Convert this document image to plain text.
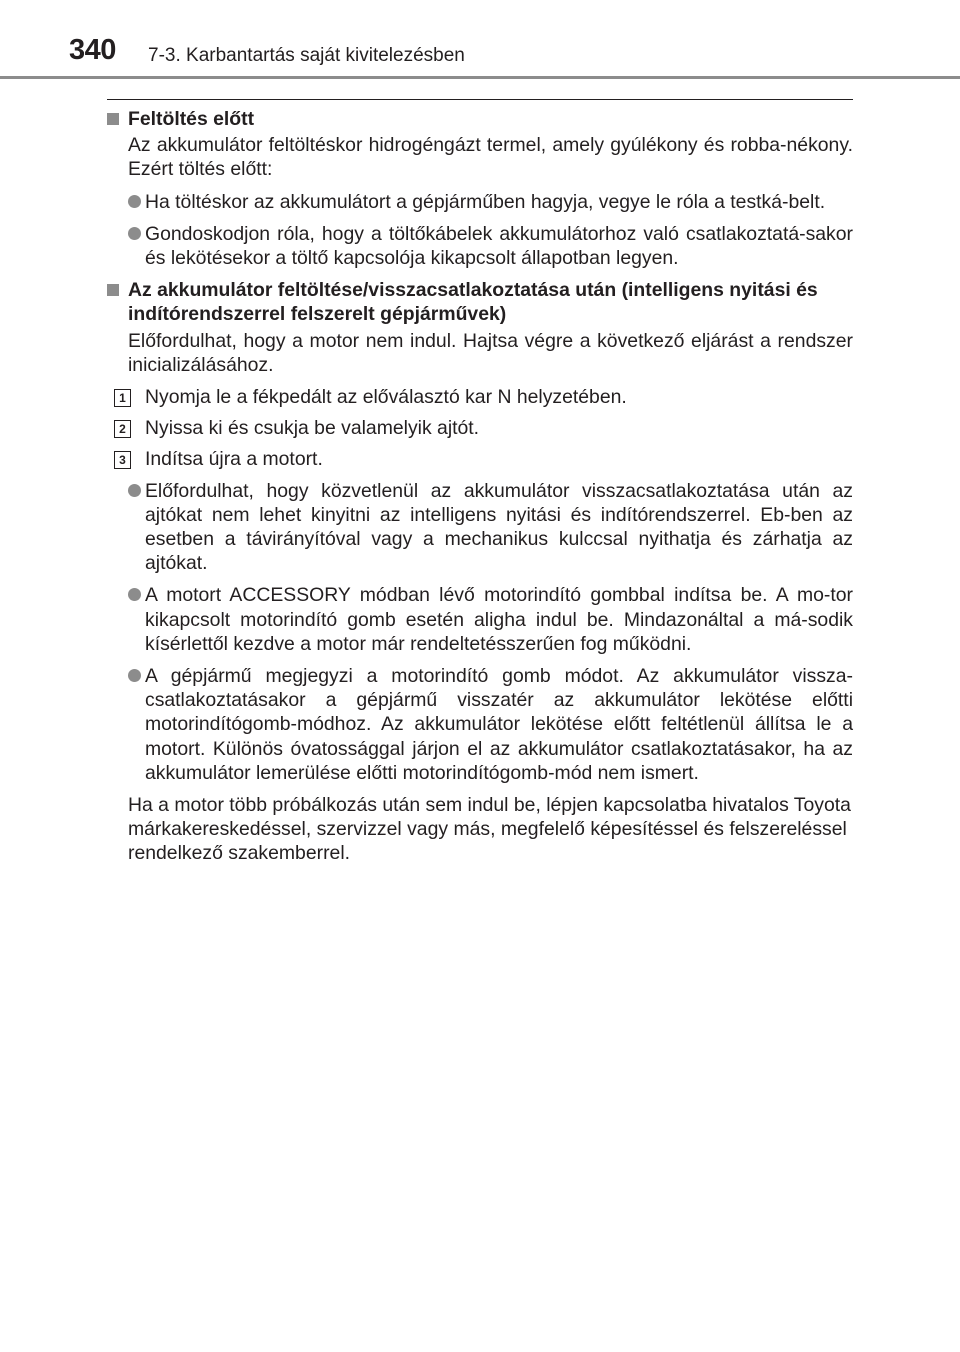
340 7-3. Karbantartás saját kivitelezésben
Feltöltés előtt
Az akkumulátor feltöltéskor hidrogéngázt termel, amely gyúlékony és robba-nékony. Ezért töltés előtt:
Ha töltéskor az akkumulátort a gépjárműben hagyja, vegye le róla a testká-belt.
Gondoskodjon róla, hogy a töltőkábelek akkumulátorhoz való csatlakoztatá-sakor és lekötésekor a töltő kapcsolója kikapcsolt állapotban legyen.
Az akkumulátor feltöltése/visszacsatlakoztatása után (intelligens nyitási és indítórendszerrel felszerelt gépjárművek)
Előfordulhat, hogy a motor nem indul. Hajtsa végre a következő eljárást a rendszer inicializálásához.
1 Nyomja le a fékpedált az előválasztó kar N helyzetében.
2 Nyissa ki és csukja be valamelyik ajtót.
3 Indítsa újra a motort.
Előfordulhat, hogy közvetlenül az akkumulátor visszacsatlakoztatása után az ajtókat nem lehet kinyitni az intelligens nyitási és indítórendszerrel. Eb-ben az esetben a távirányítóval vagy a mechanikus kulccsal nyithatja és zárhatja az ajtókat.
A motort ACCESSORY módban lévő motorindító gombbal indítsa be. A mo-tor kikapcsolt motorindító gomb esetén aligha indul be. Mindazonáltal a má-sodik kísérlettől kezdve a motor már rendeltetésszerűen fog működni.
A gépjármű megjegyzi a motorindító gomb módot. Az akkumulátor vissza-csatlakoztatásakor a gépjármű visszatér az akkumulátor lekötése előtti motorindítógomb-módhoz. Az akkumulátor lekötése előtt feltétlenül állítsa le a motort. Különös óvatossággal járjon el az akkumulátor csatlakoztatásakor, ha az akkumulátor lemerülése előtti motorindítógomb-mód nem ismert.
Ha a motor több próbálkozás után sem indul be, lépjen kapcsolatba hivatalos Toyota márkakereskedéssel, szervizzel vagy más, megfelelő képesítéssel és felszereléssel rendelkező szakemberrel.
